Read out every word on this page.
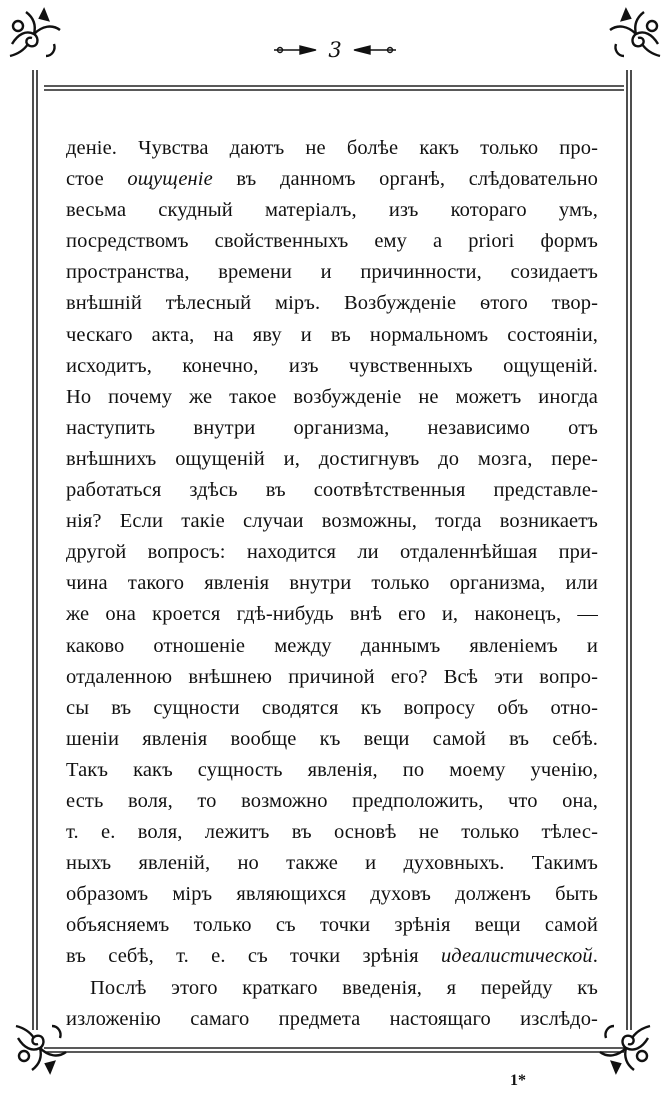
3
деніе. Чувства даютъ не болѣе какъ только про-
стое ощущеніе въ данномъ органѣ, слѣдовательно
весьма скудный матеріалъ, изъ котораго умъ,
посредствомъ свойственныхъ ему a priori формъ
пространства, времени и причинности, созидаетъ
внѣшній тѣлесный міръ. Возбужденіе ѳтого твор-
ческаго акта, на яву и въ нормальномъ состояніи,
исходитъ, конечно, изъ чувственныхъ ощущеній.
Но почему же такое возбужденіе не можетъ иногда
наступить внутри организма, независимо отъ
внѣшнихъ ощущеній и, достигнувъ до мозга, пере-
работаться здѣсь въ соотвѣтственныя представле-
нія? Если такіе случаи возможны, тогда возникаетъ
другой вопросъ: находится ли отдаленнѣйшая при-
чина такого явленія внутри только организма, или
же она кроется гдѣ-нибудь внѣ его и, наконецъ, —
каково отношеніе между даннымъ явленіемъ и
отдаленною внѣшнею причиной его? Всѣ эти вопро-
сы въ сущности сводятся къ вопросу объ отно-
шеніи явленія вообще къ вещи самой въ себѣ.
Такъ какъ сущность явленія, по моему ученію,
есть воля, то возможно предположить, что она,
т. е. воля, лежитъ въ основѣ не только тѣлес-
ныхъ явленій, но также и духовныхъ. Такимъ
образомъ міръ являющихся духовъ долженъ быть
объясняемъ только съ точки зрѣнія вещи самой
въ себѣ, т. е. съ точки зрѣнія идеалистической.
Послѣ этого краткаго введенія, я перейду къ
изложенію самаго предмета настоящаго изслѣдо-
1*
